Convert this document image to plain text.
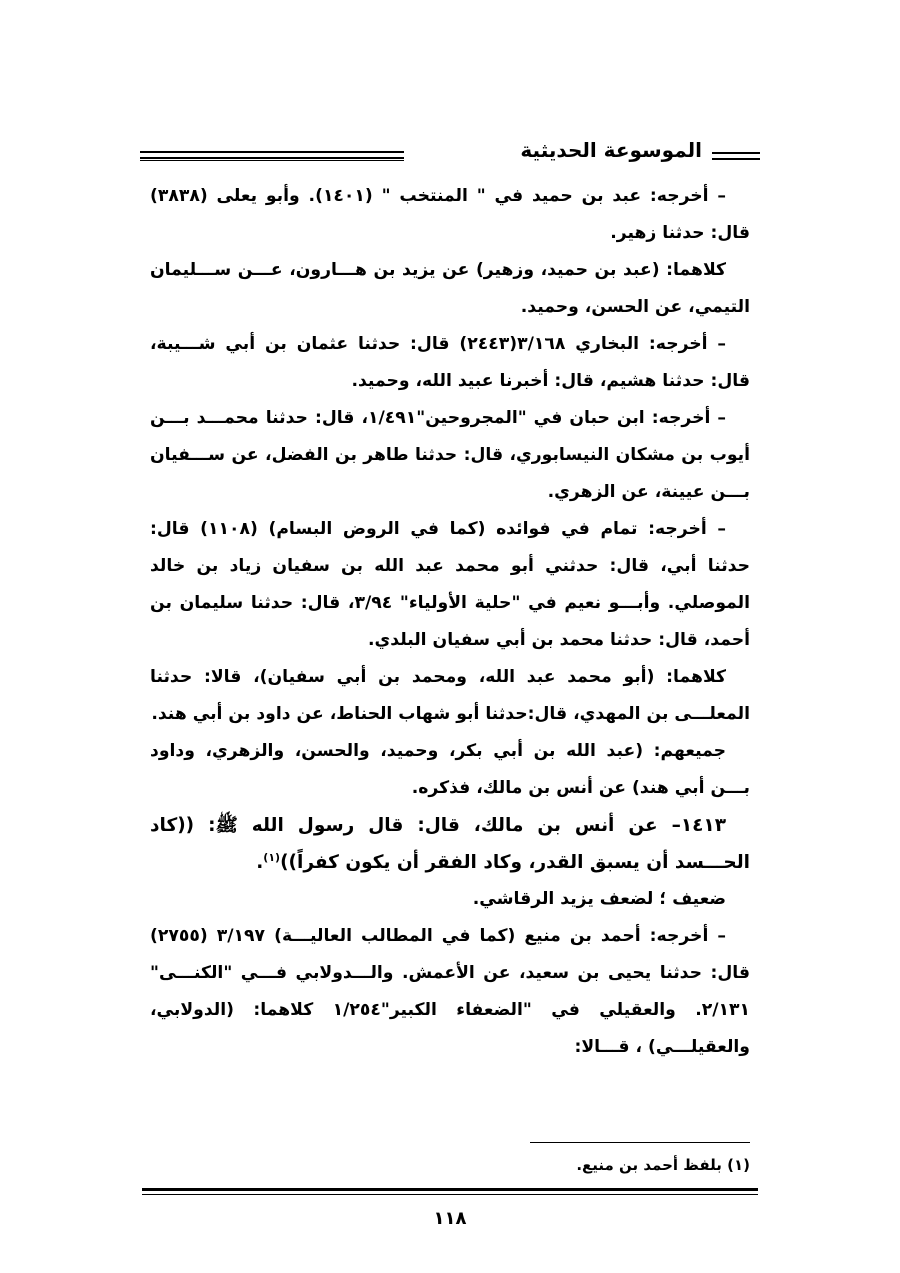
الموسوعة الحديثية

– أخرجه: عبد بن حميد في " المنتخب " (١٤٠١). وأبو يعلى (٣٨٣٨) قال: حدثنا زهير.

كلاهما: (عبد بن حميد، وزهير) عن يزيد بن هـــارون، عـــن ســـليمان التيمي، عن الحسن، وحميد.

– أخرجه: البخاري ٣/١٦٨(٢٤٤٣) قال: حدثنا عثمان بن أبي شـــيبة، قال: حدثنا هشيم، قال: أخبرنا عبيد الله، وحميد.

– أخرجه: ابن حبان في "المجروحين"١/٤٩١، قال: حدثنا محمـــد بـــن أيوب بن مشكان النيسابوري، قال: حدثنا طاهر بن الفضل، عن ســـفيان بـــن عيينة، عن الزهري.

– أخرجه: تمام في فوائده (كما في الروض البسام) (١١٠٨) قال: حدثنا أبي، قال: حدثني أبو محمد عبد الله بن سفيان زياد بن خالد الموصلي. وأبـــو نعيم في "حلية الأولياء" ٣/٩٤، قال: حدثنا سليمان بن أحمد، قال: حدثنا محمد بن أبي سفيان البلدي.

كلاهما: (أبو محمد عبد الله، ومحمد بن أبي سفيان)، قالا: حدثنا المعلـــى بن المهدي، قال:حدثنا أبو شهاب الحناط، عن داود بن أبي هند.

جميعهم: (عبد الله بن أبي بكر، وحميد، والحسن، والزهري، وداود بـــن أبي هند) عن أنس بن مالك، فذكره.

١٤١٣– عن أنس بن مالك، قال: قال رسول الله ﷺ: ((كاد الحـــسد أن يسبق القدر، وكاد الفقر أن يكون كفراً))$^{(١)}$.

ضعيف ؛ لضعف يزيد الرقاشي.

– أخرجه: أحمد بن منيع (كما في المطالب العاليـــة) ٣/١٩٧ (٢٧٥٥) قال: حدثنا يحيى بن سعيد، عن الأعمش. والـــدولابي فـــي "الكنـــى" ٢/١٣١. والعقيلي في "الضعفاء الكبير"١/٢٥٤ كلاهما: (الدولابي، والعقيلـــي) ، قـــالا:

(١) بلفظ أحمد بن منيع.
١١٨
